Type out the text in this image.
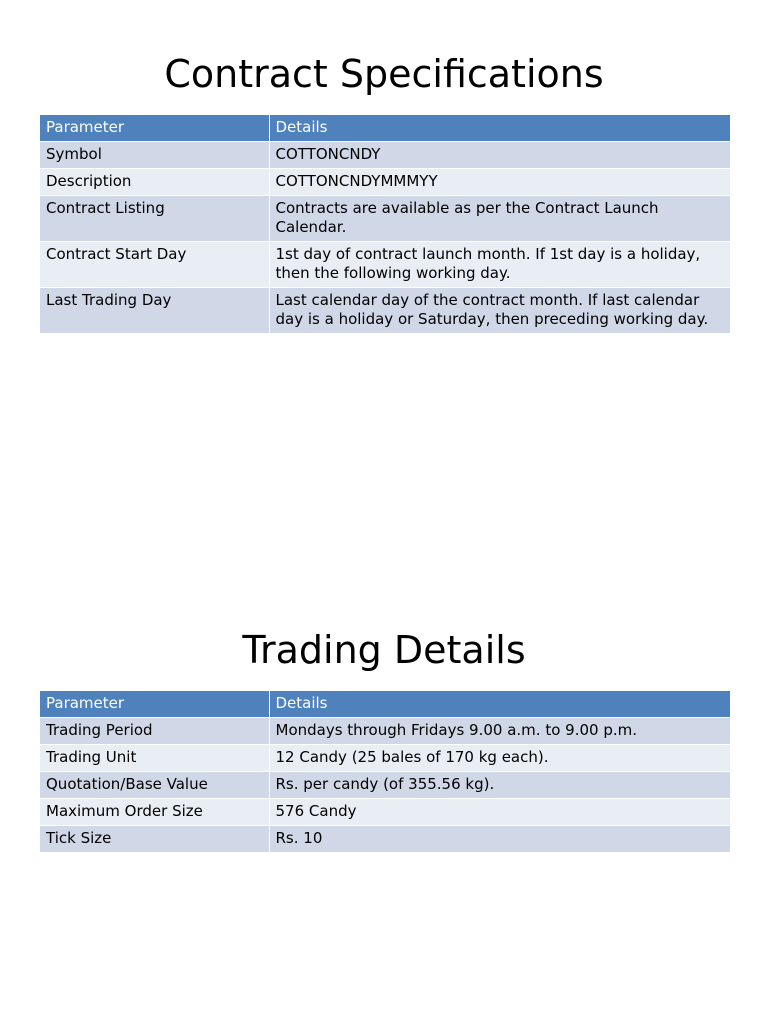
Contract Specifications
Parameter	Details
Symbol	COTTONCNDY
Description	COTTONCNDYMMMYY
Contract Listing	Contracts are available as per the Contract Launch Calendar.
Contract Start Day	1st day of contract launch month. If 1st day is a holiday, then the following working day.
Last Trading Day	Last calendar day of the contract month. If last calendar day is a holiday or Saturday, then preceding working day.
Trading Details
Parameter	Details
Trading Period	Mondays through Fridays 9.00 a.m. to 9.00 p.m.
Trading Unit	12 Candy (25 bales of 170 kg each).
Quotation/Base Value	Rs. per candy (of 355.56 kg).
Maximum Order Size	576 Candy
Tick Size	Rs. 10
